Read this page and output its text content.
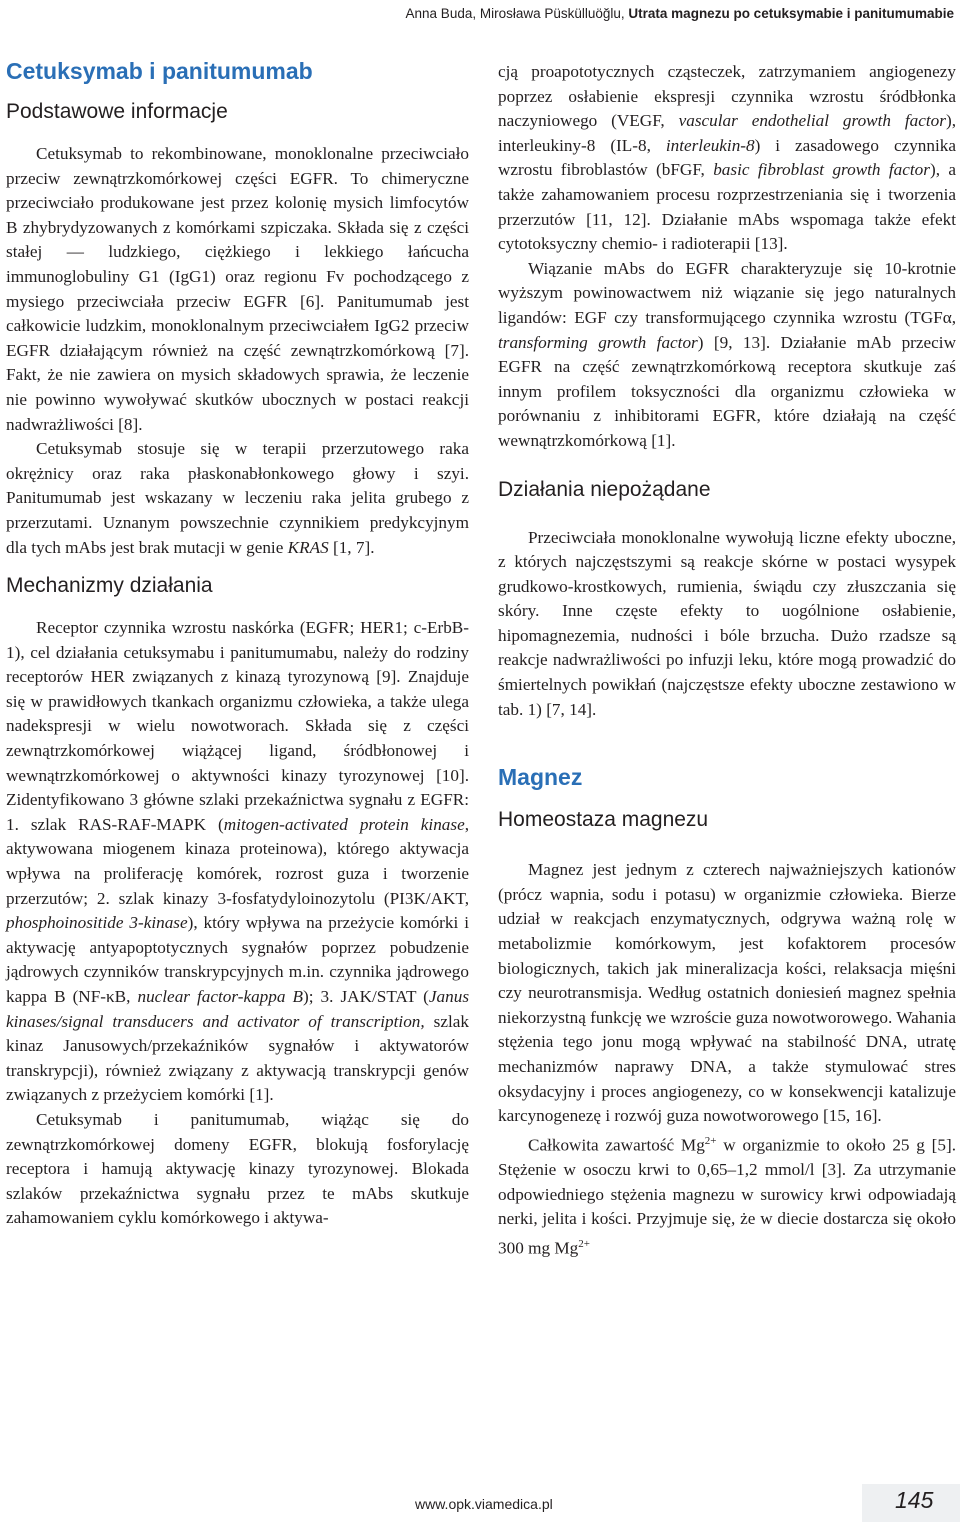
Anna Buda, Mirosława Püskülluöğlu, Utrata magnezu po cetuksymabie i panitumumabie
Cetuksymab i panitumumab
Podstawowe informacje

Cetuksymab to rekombinowane, monoklonalne przeciwciało przeciw zewnątrzkomórkowej części EGFR. To chimeryczne przeciwciało produkowane jest przez kolonię mysich limfocytów B zhybrydyzowanych z komórkami szpiczaka. Składa się z części stałej — ludzkiego, ciężkiego i lekkiego łańcucha immunoglobuliny G1 (IgG1) oraz regionu Fv pochodzącego z mysiego przeciwciała przeciw EGFR [6]. Panitumumab jest całkowicie ludzkim, monoklonalnym przeciwciałem IgG2 przeciw EGFR działającym również na część zewnątrzkomórkową [7]. Fakt, że nie zawiera on mysich składowych sprawia, że leczenie nie powinno wywoływać skutków ubocznych w postaci reakcji nadwrażliwości [8].

Cetuksymab stosuje się w terapii przerzutowego raka okrężnicy oraz raka płaskonabłonkowego głowy i szyi. Panitumumab jest wskazany w leczeniu raka jelita grubego z przerzutami. Uznanym powszechnie czynnikiem predykcyjnym dla tych mAbs jest brak mutacji w genie KRAS [1, 7].

Mechanizmy działania

Receptor czynnika wzrostu naskórka (EGFR; HER1; c-ErbB-1), cel działania cetuksymabu i panitumumabu, należy do rodziny receptorów HER związanych z kinazą tyrozynową [9]. Znajduje się w prawidłowych tkankach organizmu człowieka, a także ulega nadekspresji w wielu nowotworach. Składa się z części zewnątrzkomórkowej wiążącej ligand, śródbłonowej i wewnątrzkomórkowej o aktywności kinazy tyrozynowej [10]. Zidentyfikowano 3 główne szlaki przekaźnictwa sygnału z EGFR: 1. szlak RAS-RAF-MAPK (mitogen-activated protein kinase, aktywowana miogenem kinaza proteinowa), którego aktywacja wpływa na proliferację komórek, rozrost guza i tworzenie przerzutów; 2. szlak kinazy 3-fosfatydyloinozytolu (PI3K/AKT, phosphoinositide 3-kinase), który wpływa na przeżycie komórki i aktywację antyapoptotycznych sygnałów poprzez pobudzenie jądrowych czynników transkrypcyjnych m.in. czynnika jądrowego kappa B (NF-κB, nuclear factor-kappa B); 3. JAK/STAT (Janus kinases/signal transducers and activator of transcription, szlak kinaz Janusowych/przekaźników sygnałów i aktywatorów transkrypcji), również związany z aktywacją transkrypcji genów związanych z przeżyciem komórki [1].

Cetuksymab i panitumumab, wiążąc się do zewnątrzkomórkowej domeny EGFR, blokują fosforylację receptora i hamują aktywację kinazy tyrozynowej. Blokada szlaków przekaźnictwa sygnału przez te mAbs skutkuje zahamowaniem cyklu komórkowego i aktywa-

cją proapototycznych cząsteczek, zatrzymaniem angiogenezy poprzez osłabienie ekspresji czynnika wzrostu śródbłonka naczyniowego (VEGF, vascular endothelial growth factor), interleukiny-8 (IL-8, interleukin-8) i zasadowego czynnika wzrostu fibroblastów (bFGF, basic fibroblast growth factor), a także zahamowaniem procesu rozprzestrzeniania się i tworzenia przerzutów [11, 12]. Działanie mAbs wspomaga także efekt cytotoksyczny chemio- i radioterapii [13].

Wiązanie mAbs do EGFR charakteryzuje się 10-krotnie wyższym powinowactwem niż wiązanie się jego naturalnych ligandów: EGF czy transformującego czynnika wzrostu (TGFα, transforming growth factor) [9, 13]. Działanie mAb przeciw EGFR na część zewnątrzkomórkową receptora skutkuje zaś innym profilem toksyczności dla organizmu człowieka w porównaniu z inhibitorami EGFR, które działają na część wewnątrzkomórkową [1].

Działania niepożądane

Przeciwciała monoklonalne wywołują liczne efekty uboczne, z których najczęstszymi są reakcje skórne w postaci wysypek grudkowo-krostkowych, rumienia, świądu czy złuszczania się skóry. Inne częste efekty to uogólnione osłabienie, hipomagnezemia, nudności i bóle brzucha. Dużo rzadsze są reakcje nadwrażliwości po infuzji leku, które mogą prowadzić do śmiertelnych powikłań (najczęstsze efekty uboczne zestawiono w tab. 1) [7, 14].

Magnez
Homeostaza magnezu

Magnez jest jednym z czterech najważniejszych kationów (prócz wapnia, sodu i potasu) w organizmie człowieka. Bierze udział w reakcjach enzymatycznych, odgrywa ważną rolę w metabolizmie komórkowym, jest kofaktorem procesów biologicznych, takich jak mineralizacja kości, relaksacja mięśni czy neurotransmisja. Według ostatnich doniesień magnez spełnia niekorzystną funkcję we wzroście guza nowotworowego. Wahania stężenia tego jonu mogą wpływać na stabilność DNA, utratę mechanizmów naprawy DNA, a także stymulować stres oksydacyjny i proces angiogenezy, co w konsekwencji katalizuje karcynogenezę i rozwój guza nowotworowego [15, 16].

Całkowita zawartość $Mg^{2+}$ w organizmie to około 25 g [5]. Stężenie w osoczu krwi to 0,65–1,2 mmol/l [3]. Za utrzymanie odpowiedniego stężenia magnezu w surowicy krwi odpowiadają nerki, jelita i kości. Przyjmuje się, że w diecie dostarcza się około 300 mg $Mg^{2+}$

www.opk.viamedica.pl	145
